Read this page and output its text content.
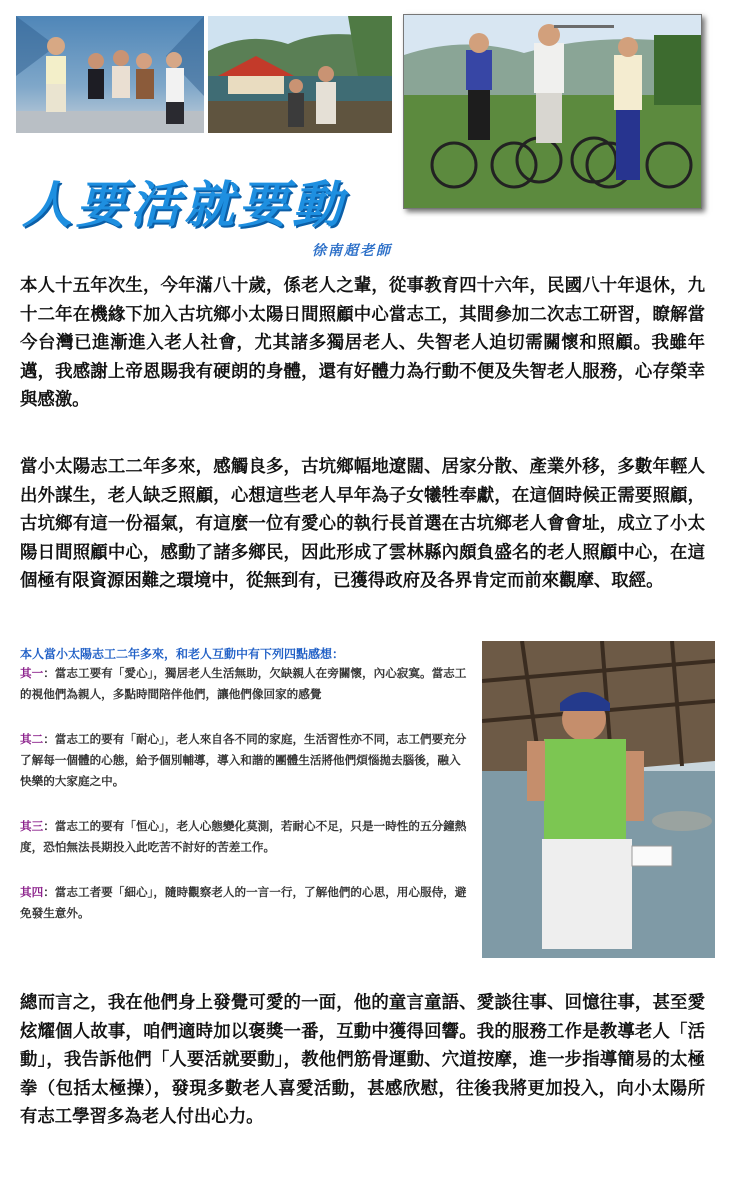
人要活就要動
徐南超老師

本人十五年次生，今年滿八十歲，係老人之輩，從事教育四十六年，民國八十年退休，九十二年在機緣下加入古坑鄉小太陽日間照顧中心當志工，其間參加二次志工研習，瞭解當今台灣已進漸進入老人社會，尤其諸多獨居老人、失智老人迫切需關懷和照顧。我雖年邁，我感謝上帝恩賜我有硬朗的身體，還有好體力為行動不便及失智老人服務，心存榮幸與感激。

當小太陽志工二年多來，感觸良多，古坑鄉幅地遼闊、居家分散、產業外移，多數年輕人出外謀生，老人缺乏照顧，心想這些老人早年為子女犧牲奉獻，在這個時候正需要照顧，古坑鄉有這一份福氣，有這麼一位有愛心的執行長首選在古坑鄉老人會會址，成立了小太陽日間照顧中心，感動了諸多鄉民，因此形成了雲林縣內頗負盛名的老人照顧中心，在這個極有限資源困難之環境中，從無到有，已獲得政府及各界肯定而前來觀摩、取經。

本人當小太陽志工二年多來，和老人互動中有下列四點感想：

其一：當志工要有「愛心」，獨居老人生活無助，欠缺親人在旁關懷，內心寂寞。當志工的視他們為親人，多點時間陪伴他們，讓他們像回家的感覺

其二：當志工的要有「耐心」，老人來自各不同的家庭，生活習性亦不同，志工們要充分了解每一個體的心態，給予個別輔導，導入和諧的團體生活將他們煩惱拋去腦後，融入快樂的大家庭之中。

其三：當志工的要有「恒心」，老人心態變化莫測，若耐心不足，只是一時性的五分鐘熱度，恐怕無法長期投入此吃苦不討好的苦差工作。

其四：當志工者要「細心」，隨時觀察老人的一言一行，了解他們的心思，用心服侍，避免發生意外。

總而言之，我在他們身上發覺可愛的一面，他的童言童語、愛談往事、回憶往事，甚至愛炫耀個人故事，咱們適時加以褒獎一番，互動中獲得回響。我的服務工作是教導老人「活動」，我告訴他們「人要活就要動」，教他們筋骨運動、穴道按摩，進一步指導簡易的太極拳（包括太極操），發現多數老人喜愛活動，甚感欣慰，往後我將更加投入，向小太陽所有志工學習多為老人付出心力。
